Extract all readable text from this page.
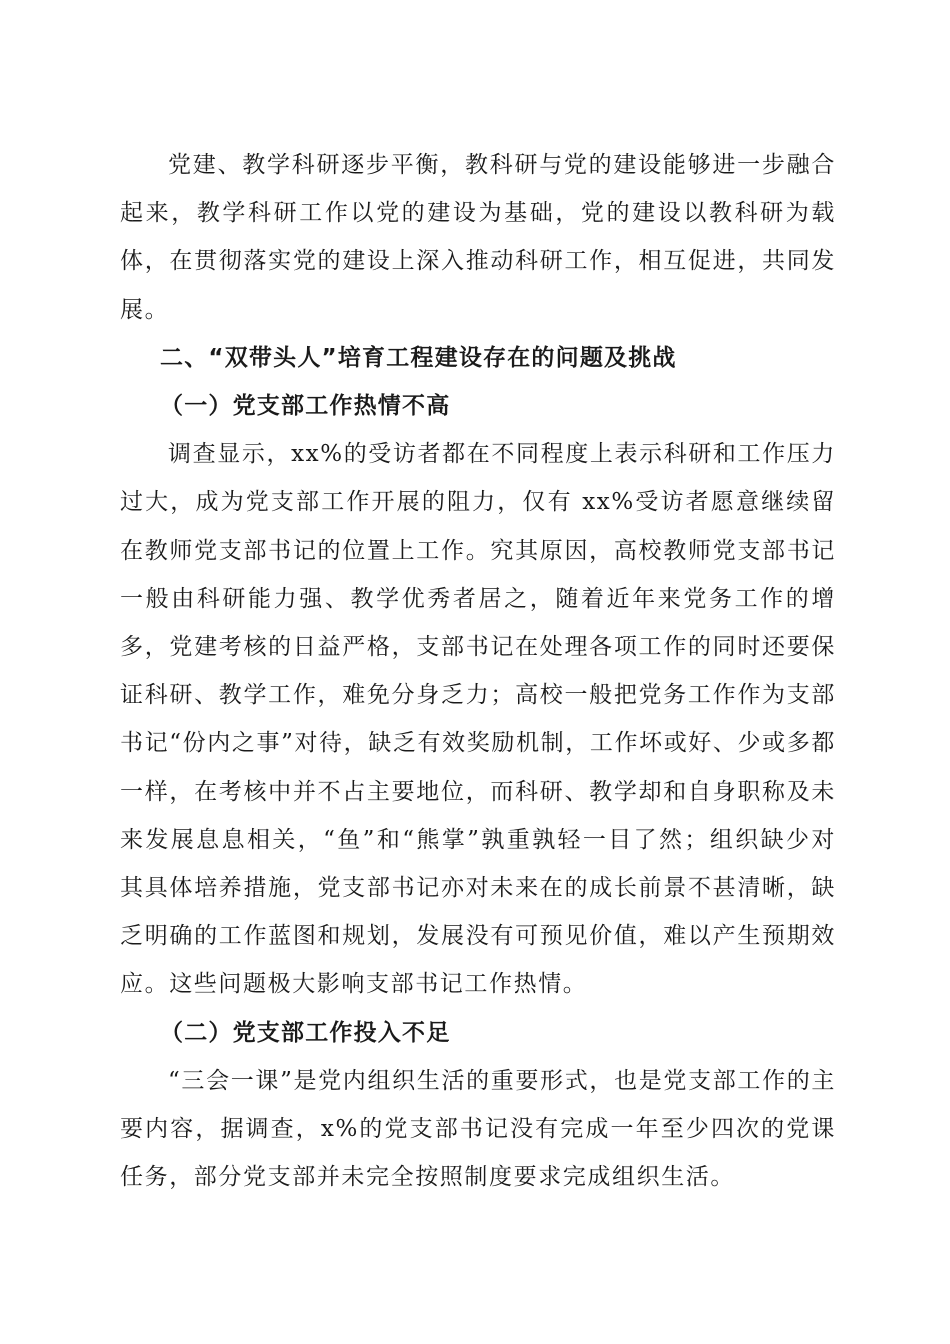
党建、教学科研逐步平衡，教科研与党的建设能够进一步融合起来，教学科研工作以党的建设为基础，党的建设以教科研为载体，在贯彻落实党的建设上深入推动科研工作，相互促进，共同发展。

二、“双带头人”培育工程建设存在的问题及挑战

（一）党支部工作热情不高

调查显示，xx%的受访者都在不同程度上表示科研和工作压力过大，成为党支部工作开展的阻力，仅有 xx%受访者愿意继续留在教师党支部书记的位置上工作。究其原因，高校教师党支部书记一般由科研能力强、教学优秀者居之，随着近年来党务工作的增多，党建考核的日益严格，支部书记在处理各项工作的同时还要保证科研、教学工作，难免分身乏力；高校一般把党务工作作为支部书记“份内之事”对待，缺乏有效奖励机制，工作坏或好、少或多都一样，在考核中并不占主要地位，而科研、教学却和自身职称及未来发展息息相关，“鱼”和“熊掌”孰重孰轻一目了然；组织缺少对其具体培养措施，党支部书记亦对未来在的成长前景不甚清晰，缺乏明确的工作蓝图和规划，发展没有可预见价值，难以产生预期效应。这些问题极大影响支部书记工作热情。

（二）党支部工作投入不足

“三会一课”是党内组织生活的重要形式，也是党支部工作的主要内容，据调查，x%的党支部书记没有完成一年至少四次的党课任务，部分党支部并未完全按照制度要求完成组织生活。
